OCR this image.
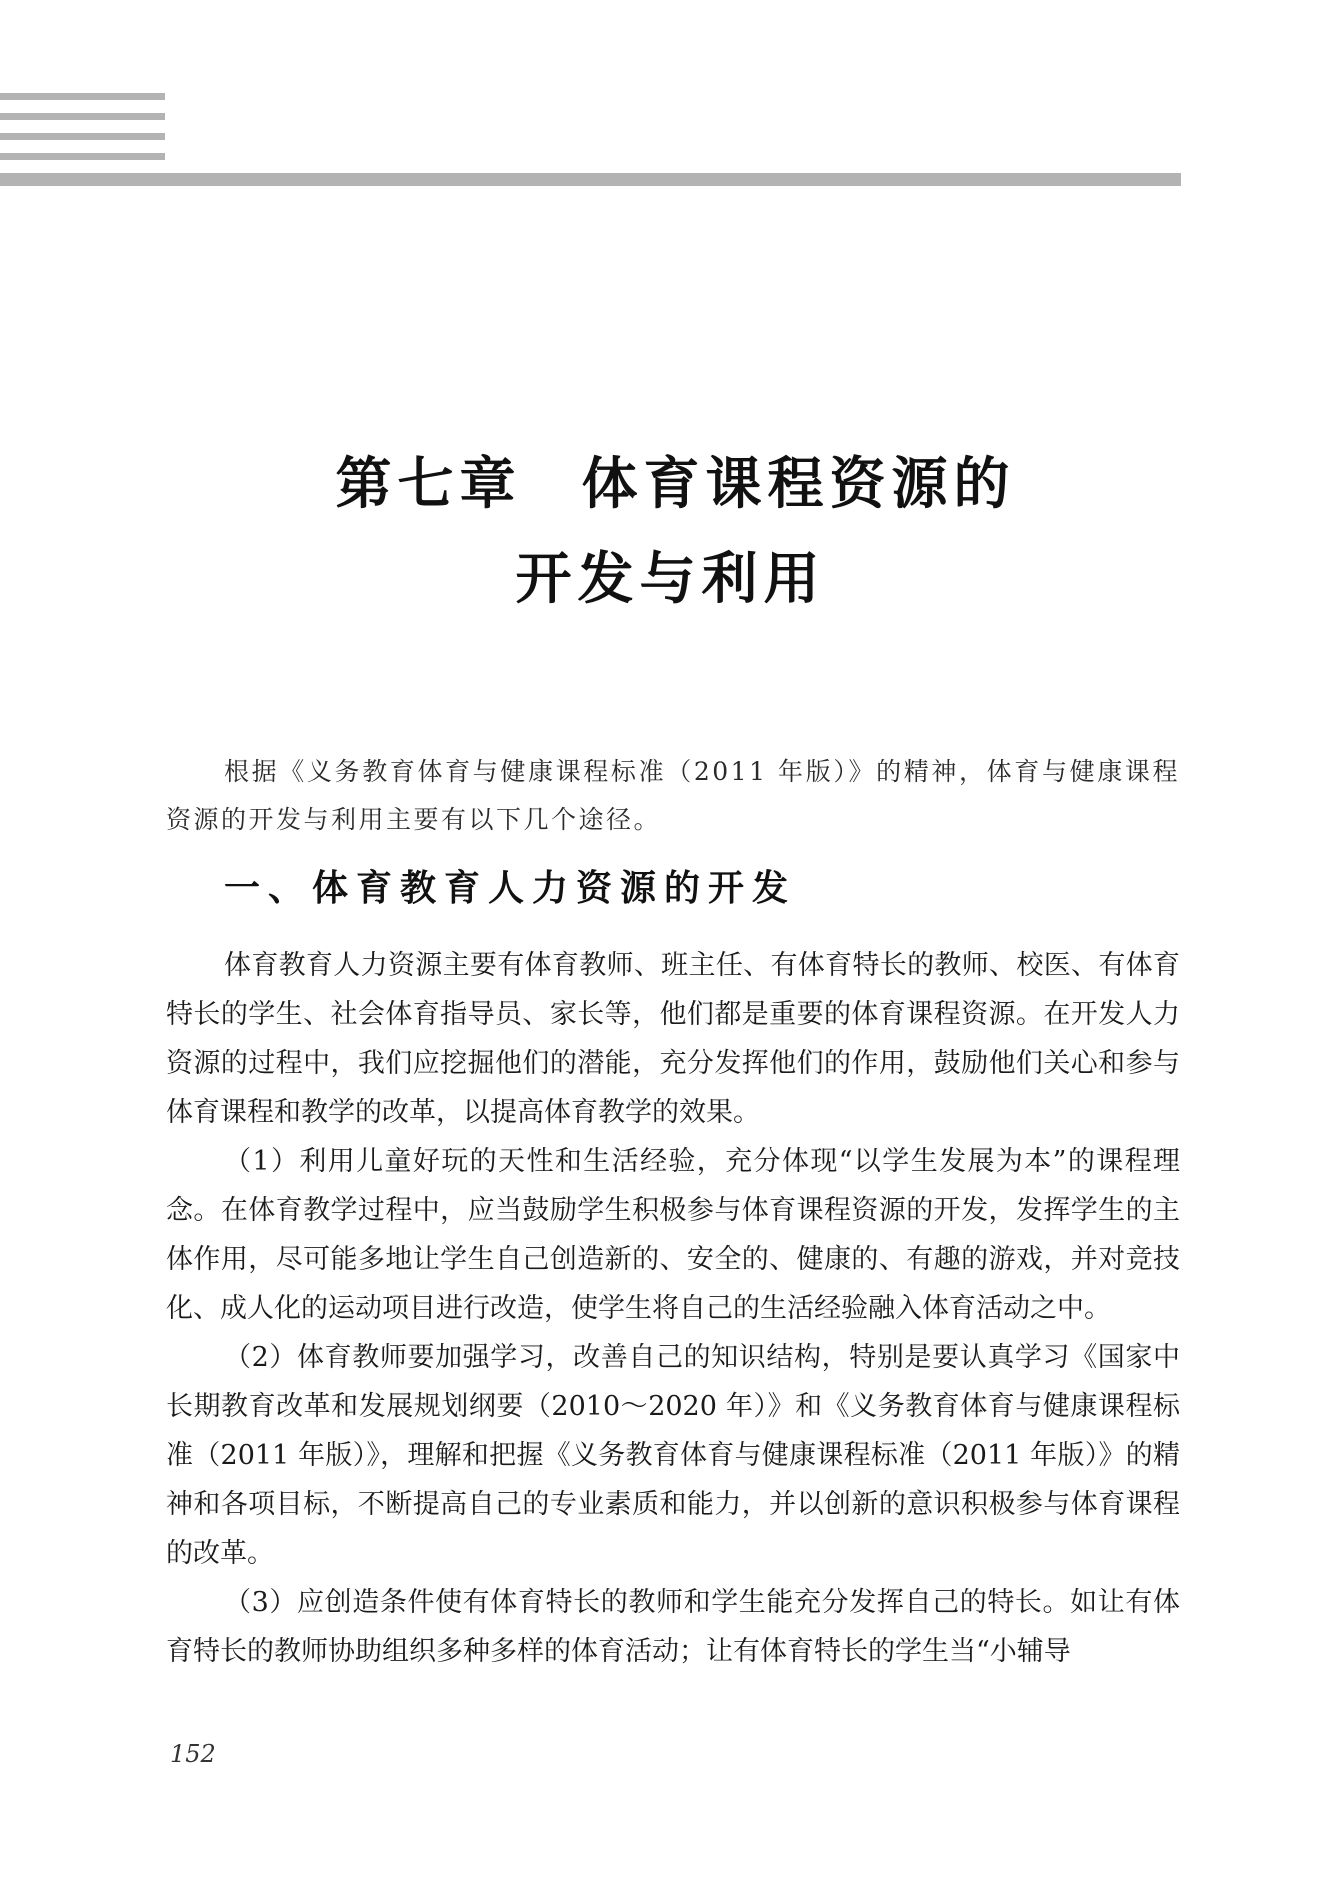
第七章 体育课程资源的
开发与利用

根据《义务教育体育与健康课程标准（2011 年版）》的精神，体育与健康课程资源的开发与利用主要有以下几个途径。

一、体育教育人力资源的开发

体育教育人力资源主要有体育教师、班主任、有体育特长的教师、校医、有体育特长的学生、社会体育指导员、家长等，他们都是重要的体育课程资源。在开发人力资源的过程中，我们应挖掘他们的潜能，充分发挥他们的作用，鼓励他们关心和参与体育课程和教学的改革，以提高体育教学的效果。

（1）利用儿童好玩的天性和生活经验，充分体现“以学生发展为本”的课程理念。在体育教学过程中，应当鼓励学生积极参与体育课程资源的开发，发挥学生的主体作用，尽可能多地让学生自己创造新的、安全的、健康的、有趣的游戏，并对竞技化、成人化的运动项目进行改造，使学生将自己的生活经验融入体育活动之中。

（2）体育教师要加强学习，改善自己的知识结构，特别是要认真学习《国家中长期教育改革和发展规划纲要（2010～2020 年）》和《义务教育体育与健康课程标准（2011 年版）》，理解和把握《义务教育体育与健康课程标准（2011 年版）》的精神和各项目标，不断提高自己的专业素质和能力，并以创新的意识积极参与体育课程的改革。

（3）应创造条件使有体育特长的教师和学生能充分发挥自己的特长。如让有体育特长的教师协助组织多种多样的体育活动；让有体育特长的学生当“小辅导

152
